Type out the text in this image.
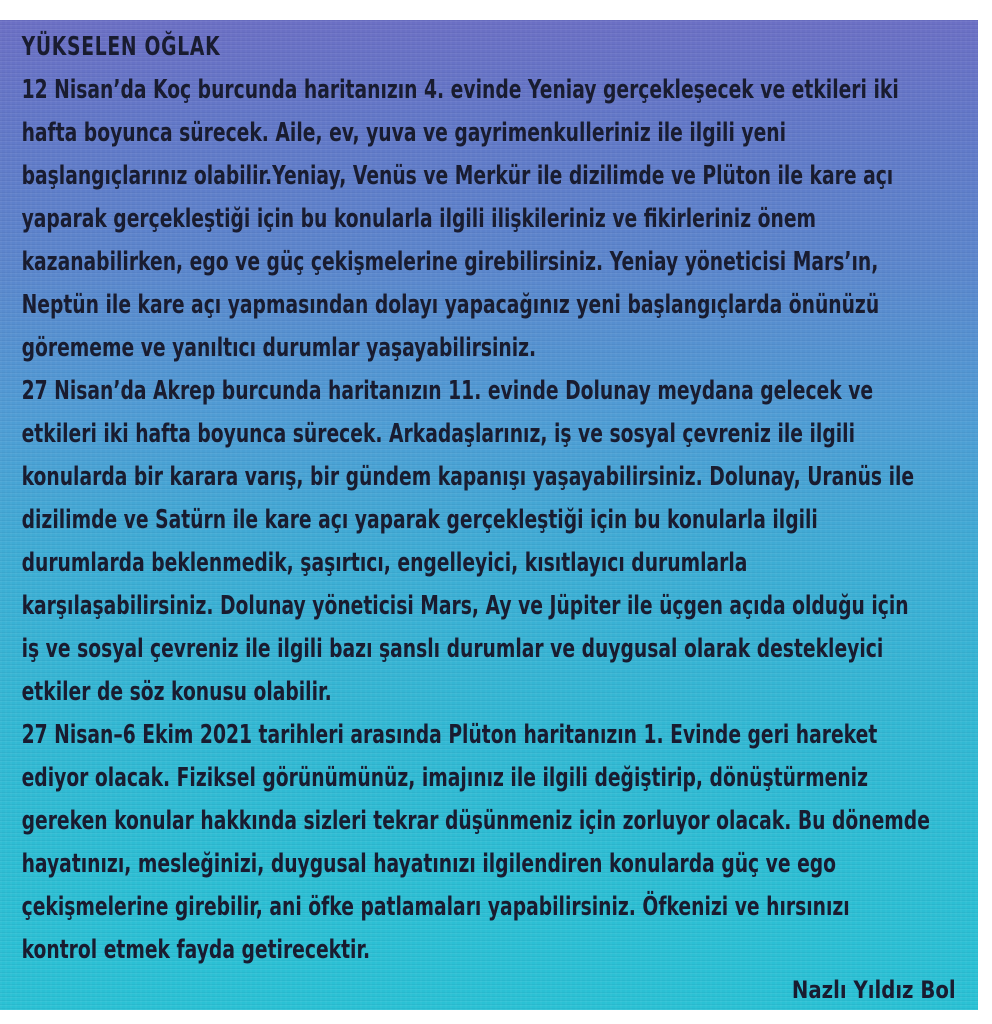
YÜKSELEN OĞLAK
12 Nisan’da Koç burcunda haritanızın 4. evinde Yeniay gerçekleşecek ve etkileri iki
hafta boyunca sürecek. Aile, ev, yuva ve gayrimenkulleriniz ile ilgili yeni
başlangıçlarınız olabilir.Yeniay, Venüs ve Merkür ile dizilimde ve Plüton ile kare açı
yaparak gerçekleştiği için bu konularla ilgili ilişkileriniz ve fikirleriniz önem
kazanabilirken, ego ve güç çekişmelerine girebilirsiniz. Yeniay yöneticisi Mars’ın,
Neptün ile kare açı yapmasından dolayı yapacağınız yeni başlangıçlarda önünüzü
görememe ve yanıltıcı durumlar yaşayabilirsiniz.
27 Nisan’da Akrep burcunda haritanızın 11. evinde Dolunay meydana gelecek ve
etkileri iki hafta boyunca sürecek. Arkadaşlarınız, iş ve sosyal çevreniz ile ilgili
konularda bir karara varış, bir gündem kapanışı yaşayabilirsiniz. Dolunay, Uranüs ile
dizilimde ve Satürn ile kare açı yaparak gerçekleştiği için bu konularla ilgili
durumlarda beklenmedik, şaşırtıcı, engelleyici, kısıtlayıcı durumlarla
karşılaşabilirsiniz. Dolunay yöneticisi Mars, Ay ve Jüpiter ile üçgen açıda olduğu için
iş ve sosyal çevreniz ile ilgili bazı şanslı durumlar ve duygusal olarak destekleyici
etkiler de söz konusu olabilir.
27 Nisan–6 Ekim 2021 tarihleri arasında Plüton haritanızın 1. Evinde geri hareket
ediyor olacak. Fiziksel görünümünüz, imajınız ile ilgili değiştirip, dönüştürmeniz
gereken konular hakkında sizleri tekrar düşünmeniz için zorluyor olacak. Bu dönemde
hayatınızı, mesleğinizi, duygusal hayatınızı ilgilendiren konularda güç ve ego
çekişmelerine girebilir, ani öfke patlamaları yapabilirsiniz. Öfkenizi ve hırsınızı
kontrol etmek fayda getirecektir.
Nazlı Yıldız Bol
